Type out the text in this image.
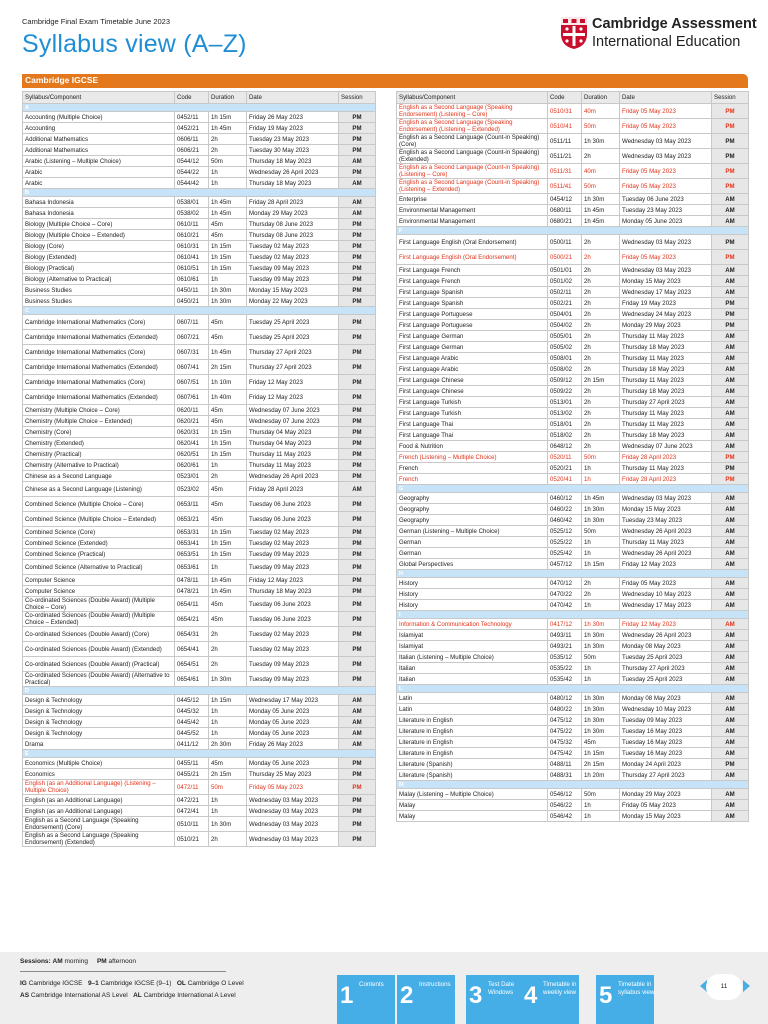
Cambridge Final Exam Timetable June 2023
Syllabus view (A–Z)
Cambridge Assessment
International Education
Cambridge IGCSE
Syllabus/Component	Code	Duration	Date	Session
A				
Accounting (Multiple Choice)	0452/11	1h 15m	Friday 26 May 2023	PM
Accounting	0452/21	1h 45m	Friday 19 May 2023	PM
Additional Mathematics	0606/11	2h	Tuesday 23 May 2023	PM
Additional Mathematics	0606/21	2h	Tuesday 30 May 2023	PM
Arabic (Listening – Multiple Choice)	0544/12	50m	Thursday 18 May 2023	AM
Arabic	0544/22	1h	Wednesday 26 April 2023	PM
Arabic	0544/42	1h	Thursday 18 May 2023	AM
B				
Bahasa Indonesia	0538/01	1h 45m	Friday 28 April 2023	AM
Bahasa Indonesia	0538/02	1h 45m	Monday 29 May 2023	AM
Biology (Multiple Choice – Core)	0610/11	45m	Thursday 08 June 2023	PM
Biology (Multiple Choice – Extended)	0610/21	45m	Thursday 08 June 2023	PM
Biology (Core)	0610/31	1h 15m	Tuesday 02 May 2023	PM
Biology (Extended)	0610/41	1h 15m	Tuesday 02 May 2023	PM
Biology (Practical)	0610/51	1h 15m	Tuesday 09 May 2023	PM
Biology (Alternative to Practical)	0610/61	1h	Tuesday 09 May 2023	PM
Business Studies	0450/11	1h 30m	Monday 15 May 2023	PM
Business Studies	0450/21	1h 30m	Monday 22 May 2023	PM
C				
Cambridge International Mathematics (Core)	0607/11	45m	Tuesday 25 April 2023	PM
Cambridge International Mathematics (Extended)	0607/21	45m	Tuesday 25 April 2023	PM
Cambridge International Mathematics (Core)	0607/31	1h 45m	Thursday 27 April 2023	PM
Cambridge International Mathematics (Extended)	0607/41	2h 15m	Thursday 27 April 2023	PM
Cambridge International Mathematics (Core)	0607/51	1h 10m	Friday 12 May 2023	PM
Cambridge International Mathematics (Extended)	0607/61	1h 40m	Friday 12 May 2023	PM
Chemistry (Multiple Choice – Core)	0620/11	45m	Wednesday 07 June 2023	PM
Chemistry (Multiple Choice – Extended)	0620/21	45m	Wednesday 07 June 2023	PM
Chemistry (Core)	0620/31	1h 15m	Thursday 04 May 2023	PM
Chemistry (Extended)	0620/41	1h 15m	Thursday 04 May 2023	PM
Chemistry (Practical)	0620/51	1h 15m	Thursday 11 May 2023	PM
Chemistry (Alternative to Practical)	0620/61	1h	Thursday 11 May 2023	PM
Chinese as a Second Language	0523/01	2h	Wednesday 26 April 2023	PM
Chinese as a Second Language (Listening)	0523/02	45m	Friday 28 April 2023	AM
Combined Science (Multiple Choice – Core)	0653/11	45m	Tuesday 06 June 2023	PM
Combined Science (Multiple Choice – Extended)	0653/21	45m	Tuesday 06 June 2023	PM
Combined Science (Core)	0653/31	1h 15m	Tuesday 02 May 2023	PM
Combined Science (Extended)	0653/41	1h 15m	Tuesday 02 May 2023	PM
Combined Science (Practical)	0653/51	1h 15m	Tuesday 09 May 2023	PM
Combined Science (Alternative to Practical)	0653/61	1h	Tuesday 09 May 2023	PM
Computer Science	0478/11	1h 45m	Friday 12 May 2023	PM
Computer Science	0478/21	1h 45m	Thursday 18 May 2023	PM
Co-ordinated Sciences (Double Award) (Multiple Choice – Core)	0654/11	45m	Tuesday 06 June 2023	PM
Co-ordinated Sciences (Double Award) (Multiple Choice – Extended)	0654/21	45m	Tuesday 06 June 2023	PM
Co-ordinated Sciences (Double Award) (Core)	0654/31	2h	Tuesday 02 May 2023	PM
Co-ordinated Sciences (Double Award) (Extended)	0654/41	2h	Tuesday 02 May 2023	PM
Co-ordinated Sciences (Double Award) (Practical)	0654/51	2h	Tuesday 09 May 2023	PM
Co-ordinated Sciences (Double Award) (Alternative to Practical)	0654/61	1h 30m	Tuesday 09 May 2023	PM
D				
Design & Technology	0445/12	1h 15m	Wednesday 17 May 2023	AM
Design & Technology	0445/32	1h	Monday 05 June 2023	AM
Design & Technology	0445/42	1h	Monday 05 June 2023	AM
Design & Technology	0445/52	1h	Monday 05 June 2023	AM
Drama	0411/12	2h 30m	Friday 26 May 2023	AM
E				
Economics (Multiple Choice)	0455/11	45m	Monday 05 June 2023	PM
Economics	0455/21	2h 15m	Thursday 25 May 2023	PM
English (as an Additional Language) (Listening – Multiple Choice)	0472/11	50m	Friday 05 May 2023	PM
English (as an Additional Language)	0472/21	1h	Wednesday 03 May 2023	PM
English (as an Additional Language)	0472/41	1h	Wednesday 03 May 2023	PM
English as a Second Language (Speaking Endorsement) (Core)	0510/11	1h 30m	Wednesday 03 May 2023	PM
English as a Second Language (Speaking Endorsement) (Extended)	0510/21	2h	Wednesday 03 May 2023	PM
Syllabus/Component	Code	Duration	Date	Session
English as a Second Language (Speaking Endorsement) (Listening – Core)	0510/31	40m	Friday 05 May 2023	PM
English as a Second Language (Speaking Endorsement) (Listening – Extended)	0510/41	50m	Friday 05 May 2023	PM
English as a Second Language (Count-in Speaking) (Core)	0511/11	1h 30m	Wednesday 03 May 2023	PM
English as a Second Language (Count-in Speaking) (Extended)	0511/21	2h	Wednesday 03 May 2023	PM
English as a Second Language (Count-in Speaking) (Listening – Core)	0511/31	40m	Friday 05 May 2023	PM
English as a Second Language (Count-in Speaking) (Listening – Extended)	0511/41	50m	Friday 05 May 2023	PM
Enterprise	0454/12	1h 30m	Tuesday 06 June 2023	AM
Environmental Management	0680/11	1h 45m	Tuesday 23 May 2023	AM
Environmental Management	0680/21	1h 45m	Monday 05 June 2023	AM
F				
First Language English (Oral Endorsement)	0500/11	2h	Wednesday 03 May 2023	PM
First Language English (Oral Endorsement)	0500/21	2h	Friday 05 May 2023	PM
First Language French	0501/01	2h	Wednesday 03 May 2023	AM
First Language French	0501/02	2h	Monday 15 May 2023	AM
First Language Spanish	0502/11	2h	Wednesday 17 May 2023	AM
First Language Spanish	0502/21	2h	Friday 19 May 2023	PM
First Language Portuguese	0504/01	2h	Wednesday 24 May 2023	PM
First Language Portuguese	0504/02	2h	Monday 29 May 2023	PM
First Language German	0505/01	2h	Thursday 11 May 2023	AM
First Language German	0505/02	2h	Thursday 18 May 2023	AM
First Language Arabic	0508/01	2h	Thursday 11 May 2023	AM
First Language Arabic	0508/02	2h	Thursday 18 May 2023	AM
First Language Chinese	0509/12	2h 15m	Thursday 11 May 2023	AM
First Language Chinese	0509/22	2h	Thursday 18 May 2023	AM
First Language Turkish	0513/01	2h	Thursday 27 April 2023	AM
First Language Turkish	0513/02	2h	Thursday 11 May 2023	AM
First Language Thai	0518/01	2h	Thursday 11 May 2023	AM
First Language Thai	0518/02	2h	Thursday 18 May 2023	AM
Food & Nutrition	0648/12	2h	Wednesday 07 June 2023	AM
French (Listening – Multiple Choice)	0520/11	50m	Friday 28 April 2023	PM
French	0520/21	1h	Thursday 11 May 2023	PM
French	0520/41	1h	Friday 28 April 2023	PM
G				
Geography	0460/12	1h 45m	Wednesday 03 May 2023	AM
Geography	0460/22	1h 30m	Monday 15 May 2023	AM
Geography	0460/42	1h 30m	Tuesday 23 May 2023	AM
German (Listening – Multiple Choice)	0525/12	50m	Wednesday 26 April 2023	AM
German	0525/22	1h	Thursday 11 May 2023	AM
German	0525/42	1h	Wednesday 26 April 2023	AM
Global Perspectives	0457/12	1h 15m	Friday 12 May 2023	AM
H				
History	0470/12	2h	Friday 05 May 2023	AM
History	0470/22	2h	Wednesday 10 May 2023	AM
History	0470/42	1h	Wednesday 17 May 2023	AM
I				
Information & Communication Technology	0417/12	1h 30m	Friday 12 May 2023	AM
Islamiyat	0493/11	1h 30m	Wednesday 26 April 2023	AM
Islamiyat	0493/21	1h 30m	Monday 08 May 2023	AM
Italian (Listening – Multiple Choice)	0535/12	50m	Tuesday 25 April 2023	AM
Italian	0535/22	1h	Thursday 27 April 2023	AM
Italian	0535/42	1h	Tuesday 25 April 2023	AM
L				
Latin	0480/12	1h 30m	Monday 08 May 2023	AM
Latin	0480/22	1h 30m	Wednesday 10 May 2023	AM
Literature in English	0475/12	1h 30m	Tuesday 09 May 2023	AM
Literature in English	0475/22	1h 30m	Tuesday 16 May 2023	AM
Literature in English	0475/32	45m	Tuesday 16 May 2023	AM
Literature in English	0475/42	1h 15m	Tuesday 16 May 2023	AM
Literature (Spanish)	0488/11	2h 15m	Monday 24 April 2023	PM
Literature (Spanish)	0488/31	1h 20m	Thursday 27 April 2023	AM
M				
Malay (Listening – Multiple Choice)	0546/12	50m	Monday 29 May 2023	AM
Malay	0546/22	1h	Friday 05 May 2023	AM
Malay	0546/42	1h	Monday 15 May 2023	AM
Sessions: AM morning PM afternoon
IG Cambridge IGCSE 9–1 Cambridge IGCSE (9–1) OL Cambridge O Level
AS Cambridge International AS Level AL Cambridge International A Level	1 Contents 2 Instructions 3 Test Date Windows 4 Timetable in weekly view 5 Timetable in syllabus view
11
